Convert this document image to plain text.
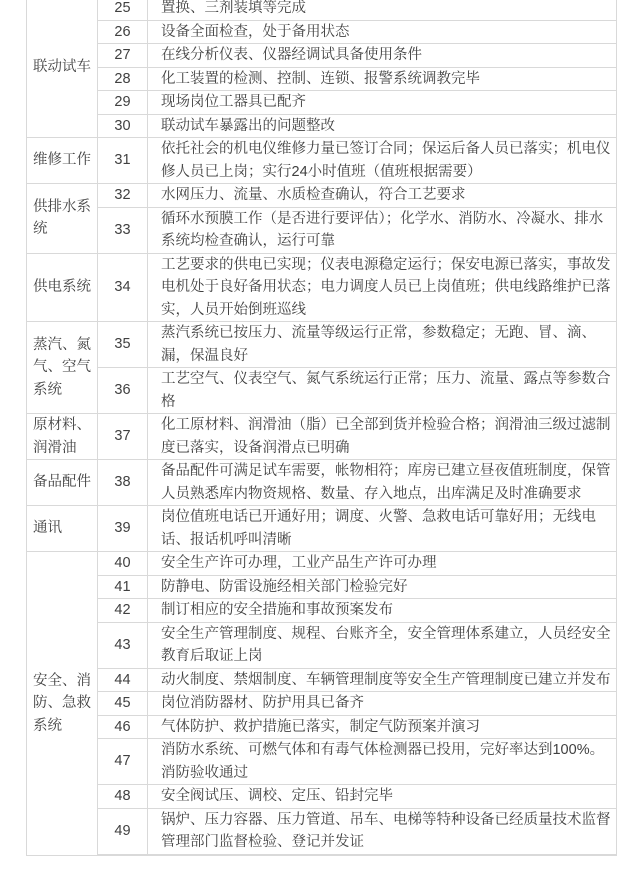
联动试车	25	置换、三剂装填等完成
	26	设备全面检查，处于备用状态
	27	在线分析仪表、仪器经调试具备使用条件
	28	化工装置的检测、控制、连锁、报警系统调教完毕
	29	现场岗位工器具已配齐
	30	联动试车暴露出的问题整改
维修工作	31	依托社会的机电仪维修力量已签订合同；保运后备人员已落实；机电仪修人员已上岗；实行24小时值班（值班根据需要）
供排水系统	32	水网压力、流量、水质检查确认，符合工艺要求
	33	循环水预膜工作（是否进行要评估）；化学水、消防水、冷凝水、排水系统均检查确认，运行可靠
供电系统	34	工艺要求的供电已实现；仪表电源稳定运行；保安电源已落实，事故发电机处于良好备用状态；电力调度人员已上岗值班；供电线路维护已落实，人员开始倒班巡线
蒸汽、氮气、空气系统	35	蒸汽系统已按压力、流量等级运行正常，参数稳定；无跑、冒、滴、漏，保温良好
	36	工艺空气、仪表空气、氮气系统运行正常；压力、流量、露点等参数合格
原材料、润滑油	37	化工原材料、润滑油（脂）已全部到货并检验合格；润滑油三级过滤制度已落实，设备润滑点已明确
备品配件	38	备品配件可满足试车需要，帐物相符；库房已建立昼夜值班制度，保管人员熟悉库内物资规格、数量、存入地点，出库满足及时准确要求
通讯	39	岗位值班电话已开通好用；调度、火警、急救电话可靠好用；无线电话、报话机呼叫清晰
安全、消防、急救系统	40	安全生产许可办理，工业产品生产许可办理
	41	防静电、防雷设施经相关部门检验完好
	42	制订相应的安全措施和事故预案发布
	43	安全生产管理制度、规程、台账齐全，安全管理体系建立，人员经安全教育后取证上岗
	44	动火制度、禁烟制度、车辆管理制度等安全生产管理制度已建立并发布
	45	岗位消防器材、防护用具已备齐
	46	气体防护、救护措施已落实，制定气防预案并演习
	47	消防水系统、可燃气体和有毒气体检测器已投用，完好率达到100%。消防验收通过
	48	安全阀试压、调校、定压、铅封完毕
	49	锅炉、压力容器、压力管道、吊车、电梯等特种设备已经质量技术监督管理部门监督检验、登记并发证
